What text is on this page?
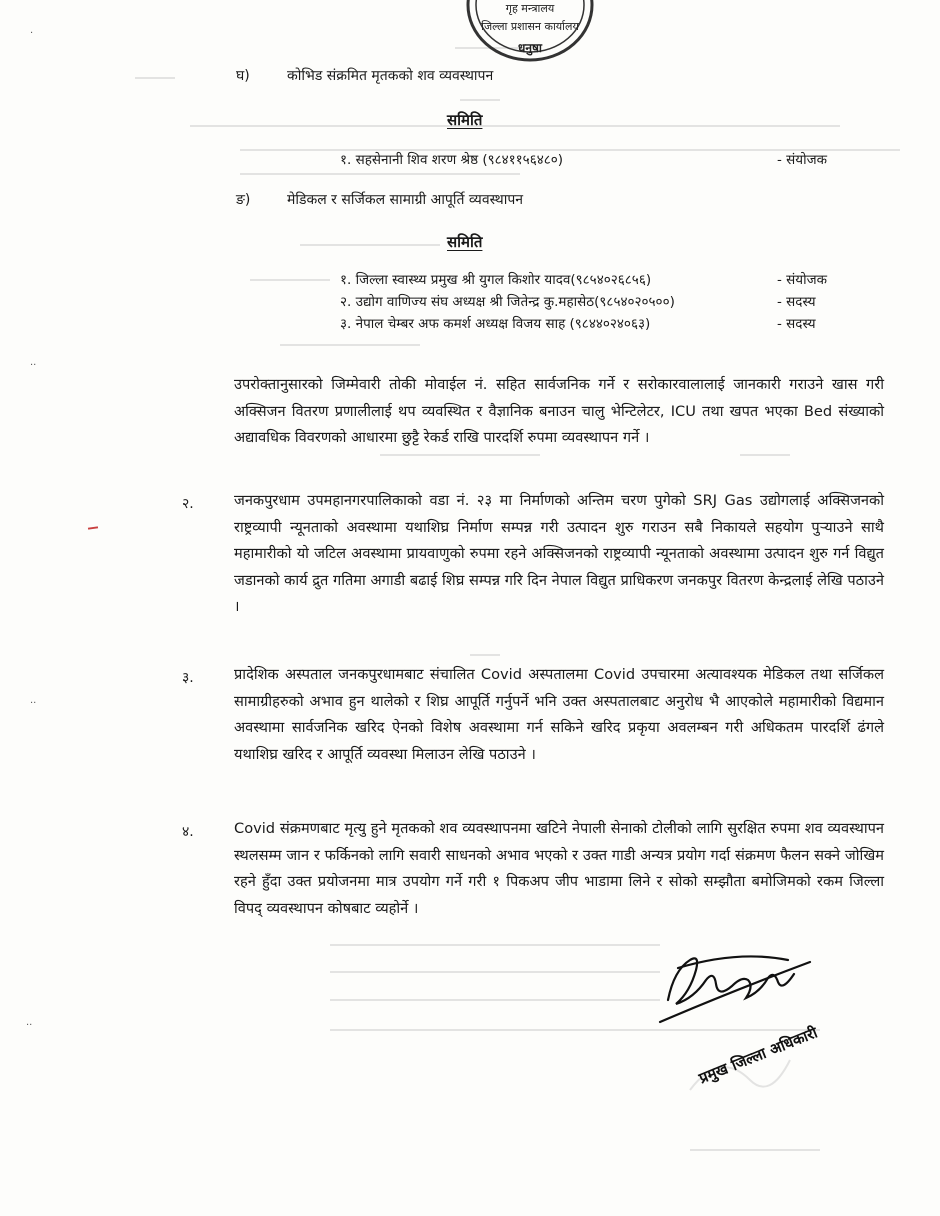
गृह मन्त्रालय
जिल्ला प्रशासन कार्यालय
धनुषा
·
··
··
··
घ)	कोभिड संक्रमित मृतकको शव व्यवस्थापन
समिति
१. सहसेनानी शिव शरण श्रेष्ठ (९८४११५६४८०)	- संयोजक
ङ)	मेडिकल र सर्जिकल सामाग्री आपूर्ति व्यवस्थापन
समिति
१. जिल्ला स्वास्थ्य प्रमुख श्री युगल किशोर यादव(९८५४०२६८५६)	- संयोजक
२. उद्योग वाणिज्य संघ अध्यक्ष श्री जितेन्द्र कु.महासेठ(९८५४०२०५००)	- सदस्य
३. नेपाल चेम्बर अफ कमर्श अध्यक्ष विजय साह (९८४४०२४०६३)	- सदस्य
उपरोक्तानुसारको जिम्मेवारी तोकी मोवाईल नं. सहित सार्वजनिक गर्ने र सरोकारवालालाई जानकारी गराउने खास गरी अक्सिजन वितरण प्रणालीलाई थप व्यवस्थित र वैज्ञानिक बनाउन चालु भेन्टिलेटर, ICU तथा खपत भएका Bed संख्याको अद्यावधिक विवरणको आधारमा छुट्टै रेकर्ड राखि पारदर्शि रुपमा व्यवस्थापन गर्ने ।
२.	जनकपुरधाम उपमहानगरपालिकाको वडा नं. २३ मा निर्माणको अन्तिम चरण पुगेको SRJ Gas उद्योगलाई अक्सिजनको राष्ट्रव्यापी न्यूनताको अवस्थामा यथाशिघ्र निर्माण सम्पन्न गरी उत्पादन शुरु गराउन सबै निकायले सहयोग पुऱ्याउने साथै महामारीको यो जटिल अवस्थामा प्रायवाणुको रुपमा रहने अक्सिजनको राष्ट्रव्यापी न्यूनताको अवस्थामा उत्पादन शुरु गर्न विद्युत जडानको कार्य द्रुत गतिमा अगाडी बढाई शिघ्र सम्पन्न गरि दिन नेपाल विद्युत प्राधिकरण जनकपुर वितरण केन्द्रलाई लेखि पठाउने ।
३.	प्रादेशिक अस्पताल जनकपुरधामबाट संचालित Covid अस्पतालमा Covid उपचारमा अत्यावश्यक मेडिकल तथा सर्जिकल सामाग्रीहरुको अभाव हुन थालेको र शिघ्र आपूर्ति गर्नुपर्ने भनि उक्त अस्पतालबाट अनुरोध भै आएकोले महामारीको विद्यमान अवस्थामा सार्वजनिक खरिद ऐनको विशेष अवस्थामा गर्न सकिने खरिद प्रकृया अवलम्बन गरी अधिकतम पारदर्शि ढंगले यथाशिघ्र खरिद र आपूर्ति व्यवस्था मिलाउन लेखि पठाउने ।
४.	Covid संक्रमणबाट मृत्यु हुने मृतकको शव व्यवस्थापनमा खटिने नेपाली सेनाको टोलीको लागि सुरक्षित रुपमा शव व्यवस्थापन स्थलसम्म जान र फर्किनको लागि सवारी साधनको अभाव भएको र उक्त गाडी अन्यत्र प्रयोग गर्दा संक्रमण फैलन सक्ने जोखिम रहने हुँदा उक्त प्रयोजनमा मात्र उपयोग गर्ने गरी १ पिकअप जीप भाडामा लिने र सोको सम्झौता बमोजिमको रकम जिल्ला विपद् व्यवस्थापन कोषबाट व्यहोर्ने ।
प्रमुख जिल्ला अधिकारी
